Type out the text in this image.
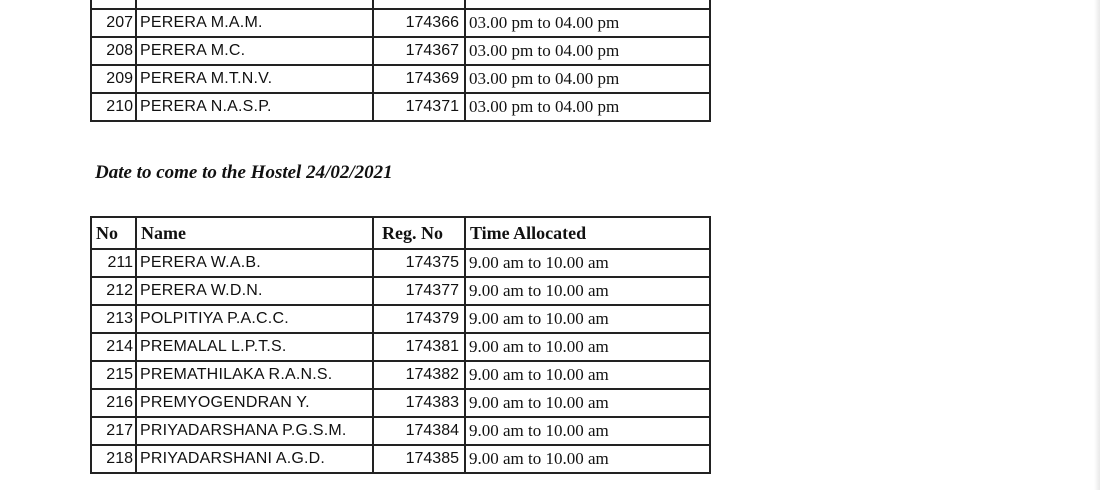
207	PERERA M.A.M.	174366	03.00 pm to 04.00 pm
208	PERERA M.C.	174367	03.00 pm to 04.00 pm
209	PERERA M.T.N.V.	174369	03.00 pm to 04.00 pm
210	PERERA N.A.S.P.	174371	03.00 pm to 04.00 pm

Date to come to the Hostel 24/02/2021

No	Name	Reg. No	Time Allocated
211	PERERA W.A.B.	174375	9.00 am to 10.00 am
212	PERERA W.D.N.	174377	9.00 am to 10.00 am
213	POLPITIYA P.A.C.C.	174379	9.00 am to 10.00 am
214	PREMALAL L.P.T.S.	174381	9.00 am to 10.00 am
215	PREMATHILAKA R.A.N.S.	174382	9.00 am to 10.00 am
216	PREMYOGENDRAN Y.	174383	9.00 am to 10.00 am
217	PRIYADARSHANA P.G.S.M.	174384	9.00 am to 10.00 am
218	PRIYADARSHANI A.G.D.	174385	9.00 am to 10.00 am
